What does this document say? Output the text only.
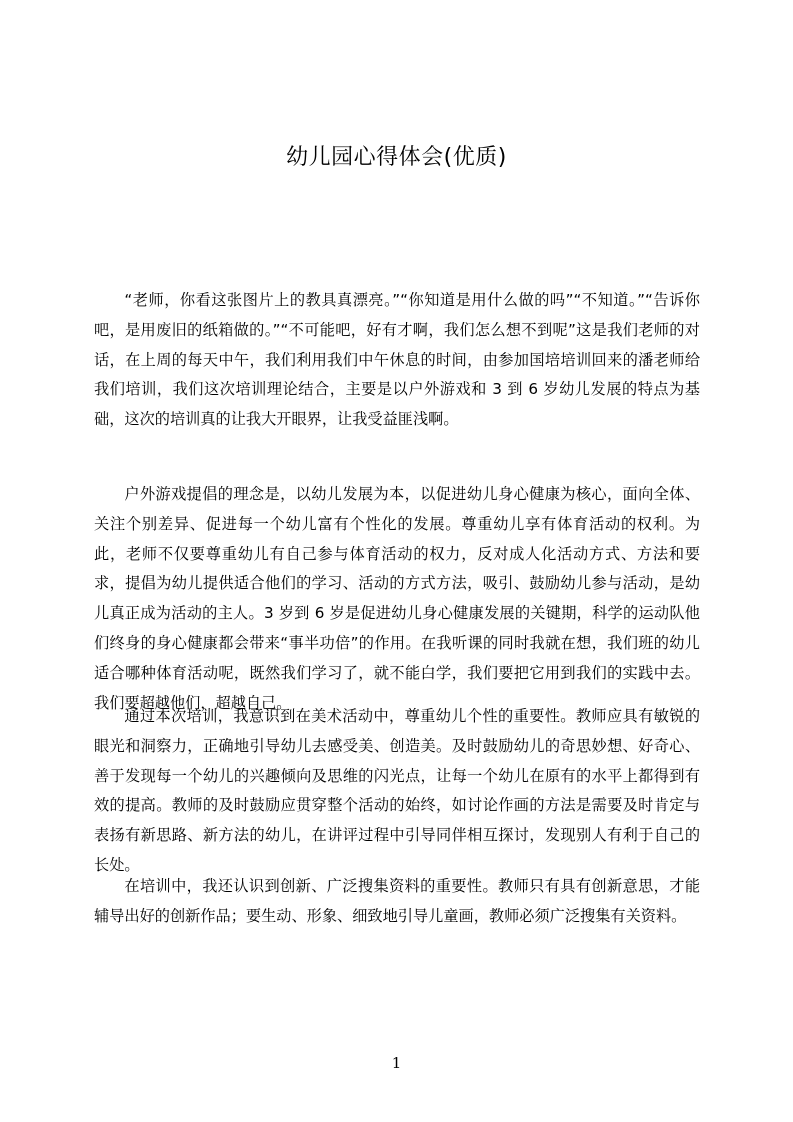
幼儿园心得体会(优质)

“老师，你看这张图片上的教具真漂亮。”“你知道是用什么做的吗”“不知道。”“告诉你吧，是用废旧的纸箱做的。”“不可能吧，好有才啊，我们怎么想不到呢”这是我们老师的对话，在上周的每天中午，我们利用我们中午休息的时间，由参加国培培训回来的潘老师给我们培训，我们这次培训理论结合，主要是以户外游戏和 3 到 6 岁幼儿发展的特点为基础，这次的培训真的让我大开眼界，让我受益匪浅啊。

户外游戏提倡的理念是，以幼儿发展为本，以促进幼儿身心健康为核心，面向全体、关注个别差异、促进每一个幼儿富有个性化的发展。尊重幼儿享有体育活动的权利。为此，老师不仅要尊重幼儿有自己参与体育活动的权力，反对成人化活动方式、方法和要求，提倡为幼儿提供适合他们的学习、活动的方式方法，吸引、鼓励幼儿参与活动，是幼儿真正成为活动的主人。3 岁到 6 岁是促进幼儿身心健康发展的关键期，科学的运动队他们终身的身心健康都会带来“事半功倍”的作用。在我听课的同时我就在想，我们班的幼儿适合哪种体育活动呢，既然我们学习了，就不能白学，我们要把它用到我们的实践中去。我们要超越他们，超越自己。

通过本次培训，我意识到在美术活动中，尊重幼儿个性的重要性。教师应具有敏锐的眼光和洞察力，正确地引导幼儿去感受美、创造美。及时鼓励幼儿的奇思妙想、好奇心、善于发现每一个幼儿的兴趣倾向及思维的闪光点，让每一个幼儿在原有的水平上都得到有效的提高。教师的及时鼓励应贯穿整个活动的始终，如讨论作画的方法是需要及时肯定与表扬有新思路、新方法的幼儿，在讲评过程中引导同伴相互探讨，发现别人有利于自己的长处。

在培训中，我还认识到创新、广泛搜集资料的重要性。教师只有具有创新意思，才能辅导出好的创新作品；要生动、形象、细致地引导儿童画，教师必须广泛搜集有关资料。

1
